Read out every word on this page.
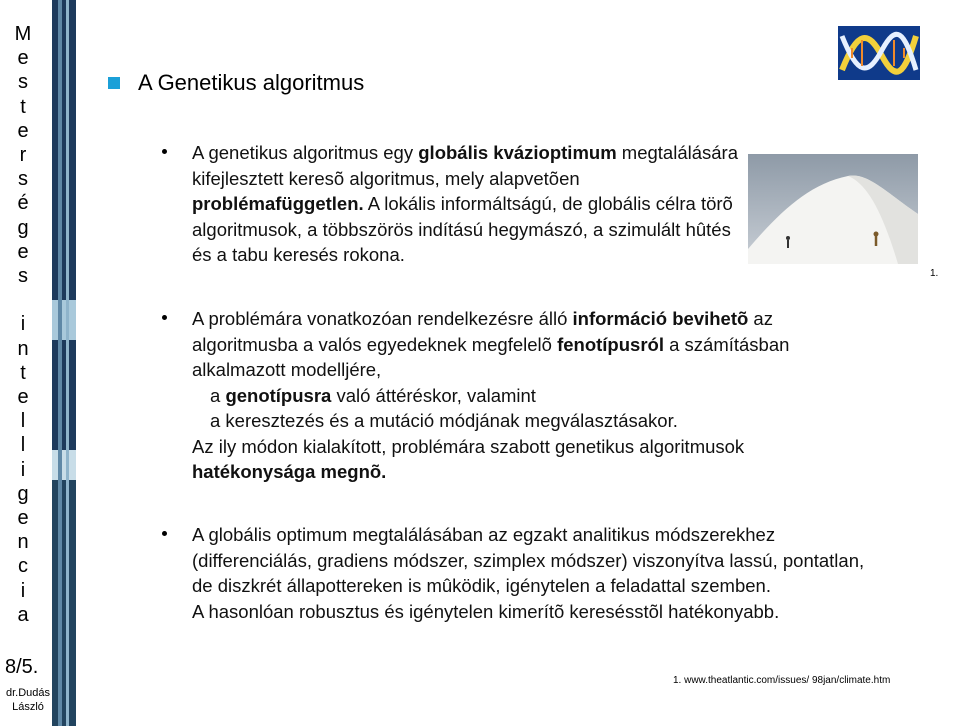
M
e
s
t
e
r
s
é
g
e
s

i
n
t
e
l
l
i
g
e
n
c
i
a
8/5.
dr.Dudás
László
A Genetikus algoritmus
1.
A genetikus algoritmus egy globális kvázioptimum megtalálására kifejlesztett keresõ algoritmus, mely alapvetõen problémafüggetlen. A lokális informáltságú, de globális célra törõ algoritmusok, a többszörös indítású hegymászó, a szimulált hûtés és a tabu keresés rokona.
A problémára vonatkozóan rendelkezésre álló információ bevihetõ az algoritmusba a valós egyedeknek megfelelõ fenotípusról a számításban alkalmazott modelljére,
a genotípusra való áttéréskor, valamint
a keresztezés és a mutáció módjának megválasztásakor.
Az ily módon kialakított, problémára szabott genetikus algoritmusok hatékonysága megnõ.
A globális optimum megtalálásában az egzakt analitikus módszerekhez (differenciálás, gradiens módszer, szimplex módszer) viszonyítva lassú, pontatlan, de diszkrét állapottereken is mûködik, igénytelen a feladattal szemben.
A hasonlóan robusztus és igénytelen kimerítõ keresésstõl hatékonyabb.
1. www.theatlantic.com/issues/ 98jan/climate.htm
